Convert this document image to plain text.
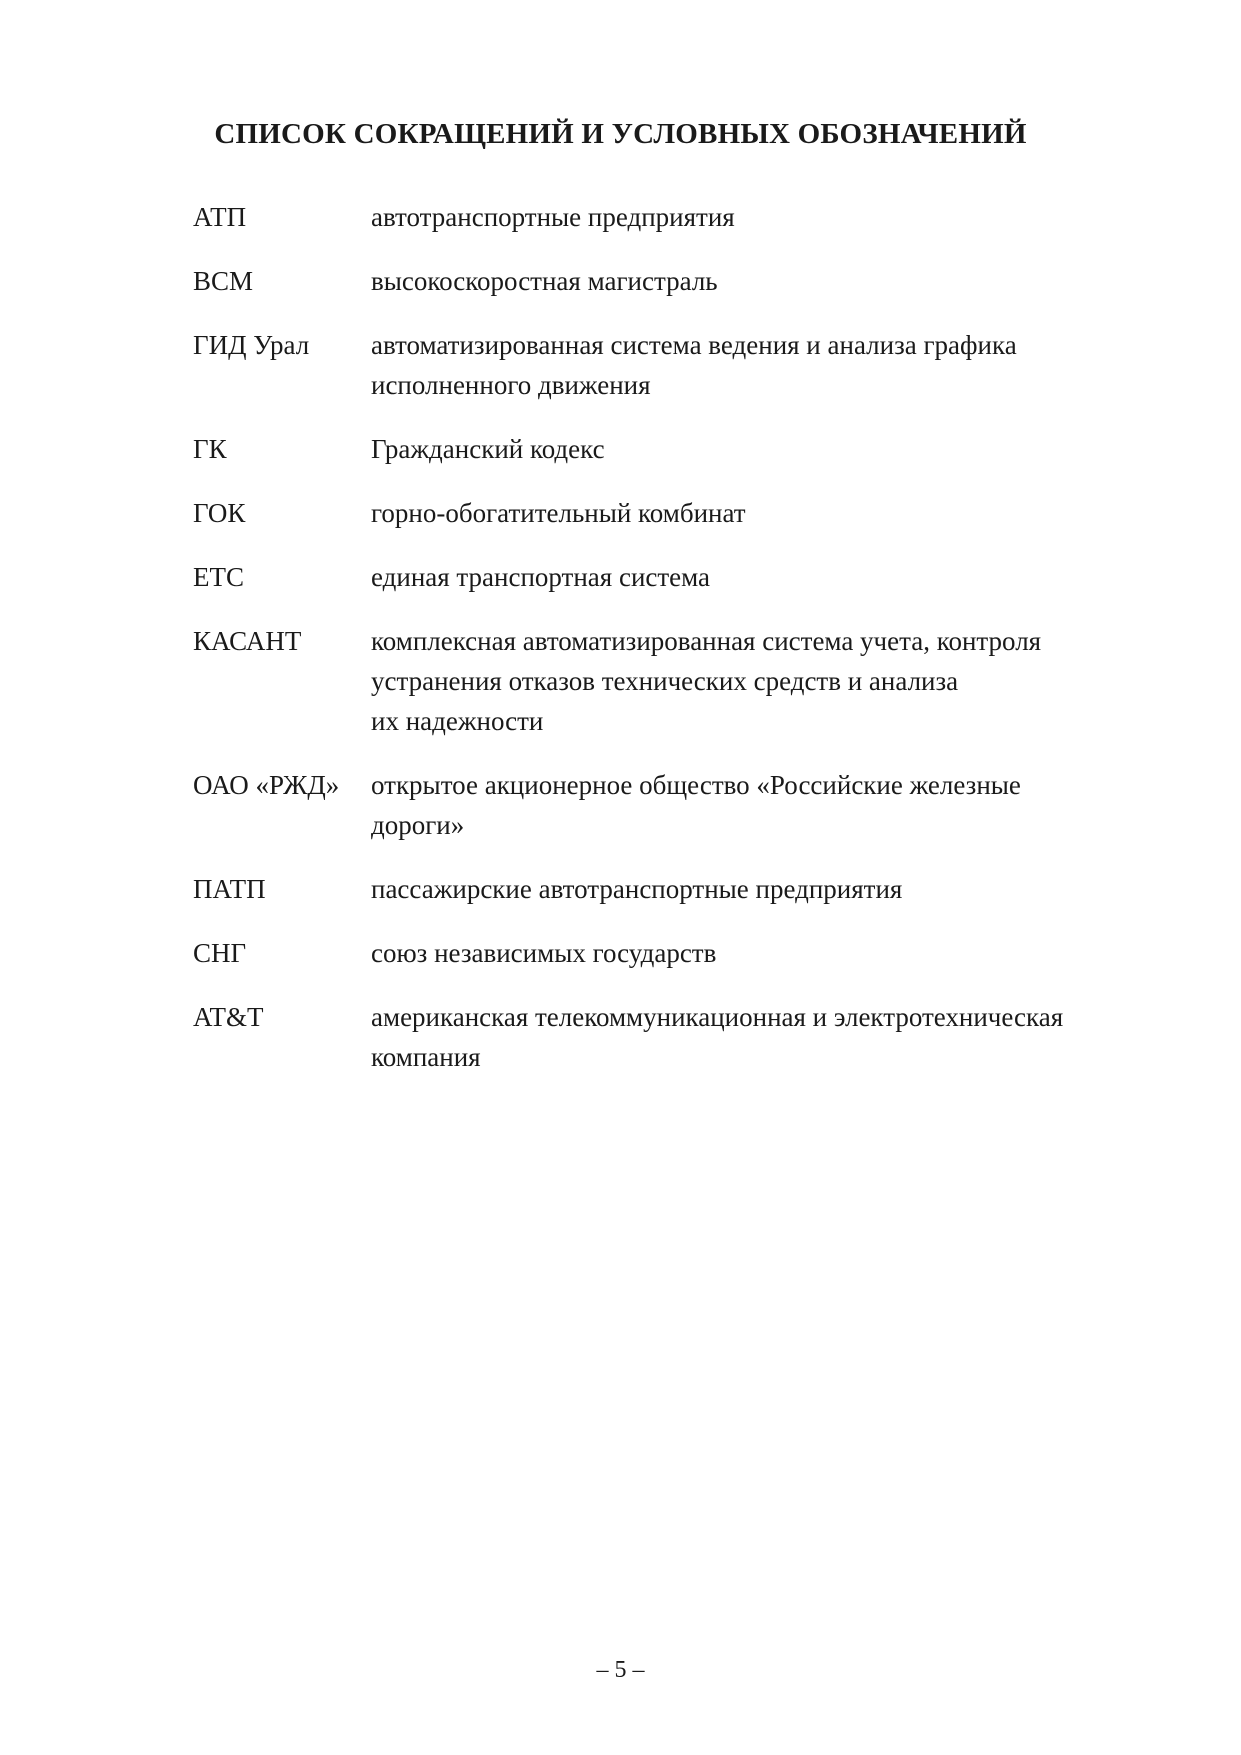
СПИСОК СОКРАЩЕНИЙ И УСЛОВНЫХ ОБОЗНАЧЕНИЙ
АТП	автотранспортные предприятия
ВСМ	высокоскоростная магистраль
ГИД Урал	автоматизированная система ведения и анализа графика
исполненного движения
ГК	Гражданский кодекс
ГОК	горно-обогатительный комбинат
ЕТС	единая транспортная система
КАСАНТ	комплексная автоматизированная система учета, контроля
устранения отказов технических средств и анализа
их надежности
ОАО «РЖД»	открытое акционерное общество «Российские железные
дороги»
ПАТП	пассажирские автотранспортные предприятия
СНГ	союз независимых государств
AT&T	американская телекоммуникационная и электротехническая
компания
– 5 –
